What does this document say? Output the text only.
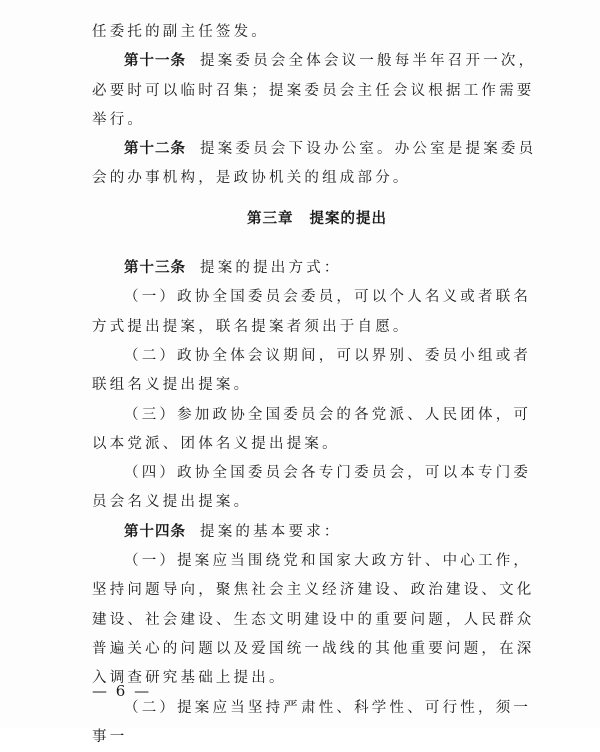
任委托的副主任签发。

第十一条 提案委员会全体会议一般每半年召开一次，必要时可以临时召集；提案委员会主任会议根据工作需要举行。

第十二条 提案委员会下设办公室。办公室是提案委员会的办事机构，是政协机关的组成部分。

第三章 提案的提出

第十三条 提案的提出方式：

（一）政协全国委员会委员，可以个人名义或者联名方式提出提案，联名提案者须出于自愿。

（二）政协全体会议期间，可以界别、委员小组或者联组名义提出提案。

（三）参加政协全国委员会的各党派、人民团体，可以本党派、团体名义提出提案。

（四）政协全国委员会各专门委员会，可以本专门委员会名义提出提案。

第十四条 提案的基本要求：

（一）提案应当围绕党和国家大政方针、中心工作，坚持问题导向，聚焦社会主义经济建设、政治建设、文化建设、社会建设、生态文明建设中的重要问题，人民群众普遍关心的问题以及爱国统一战线的其他重要问题，在深入调查研究基础上提出。

（二）提案应当坚持严肃性、科学性、可行性，须一事一

— 6 —
